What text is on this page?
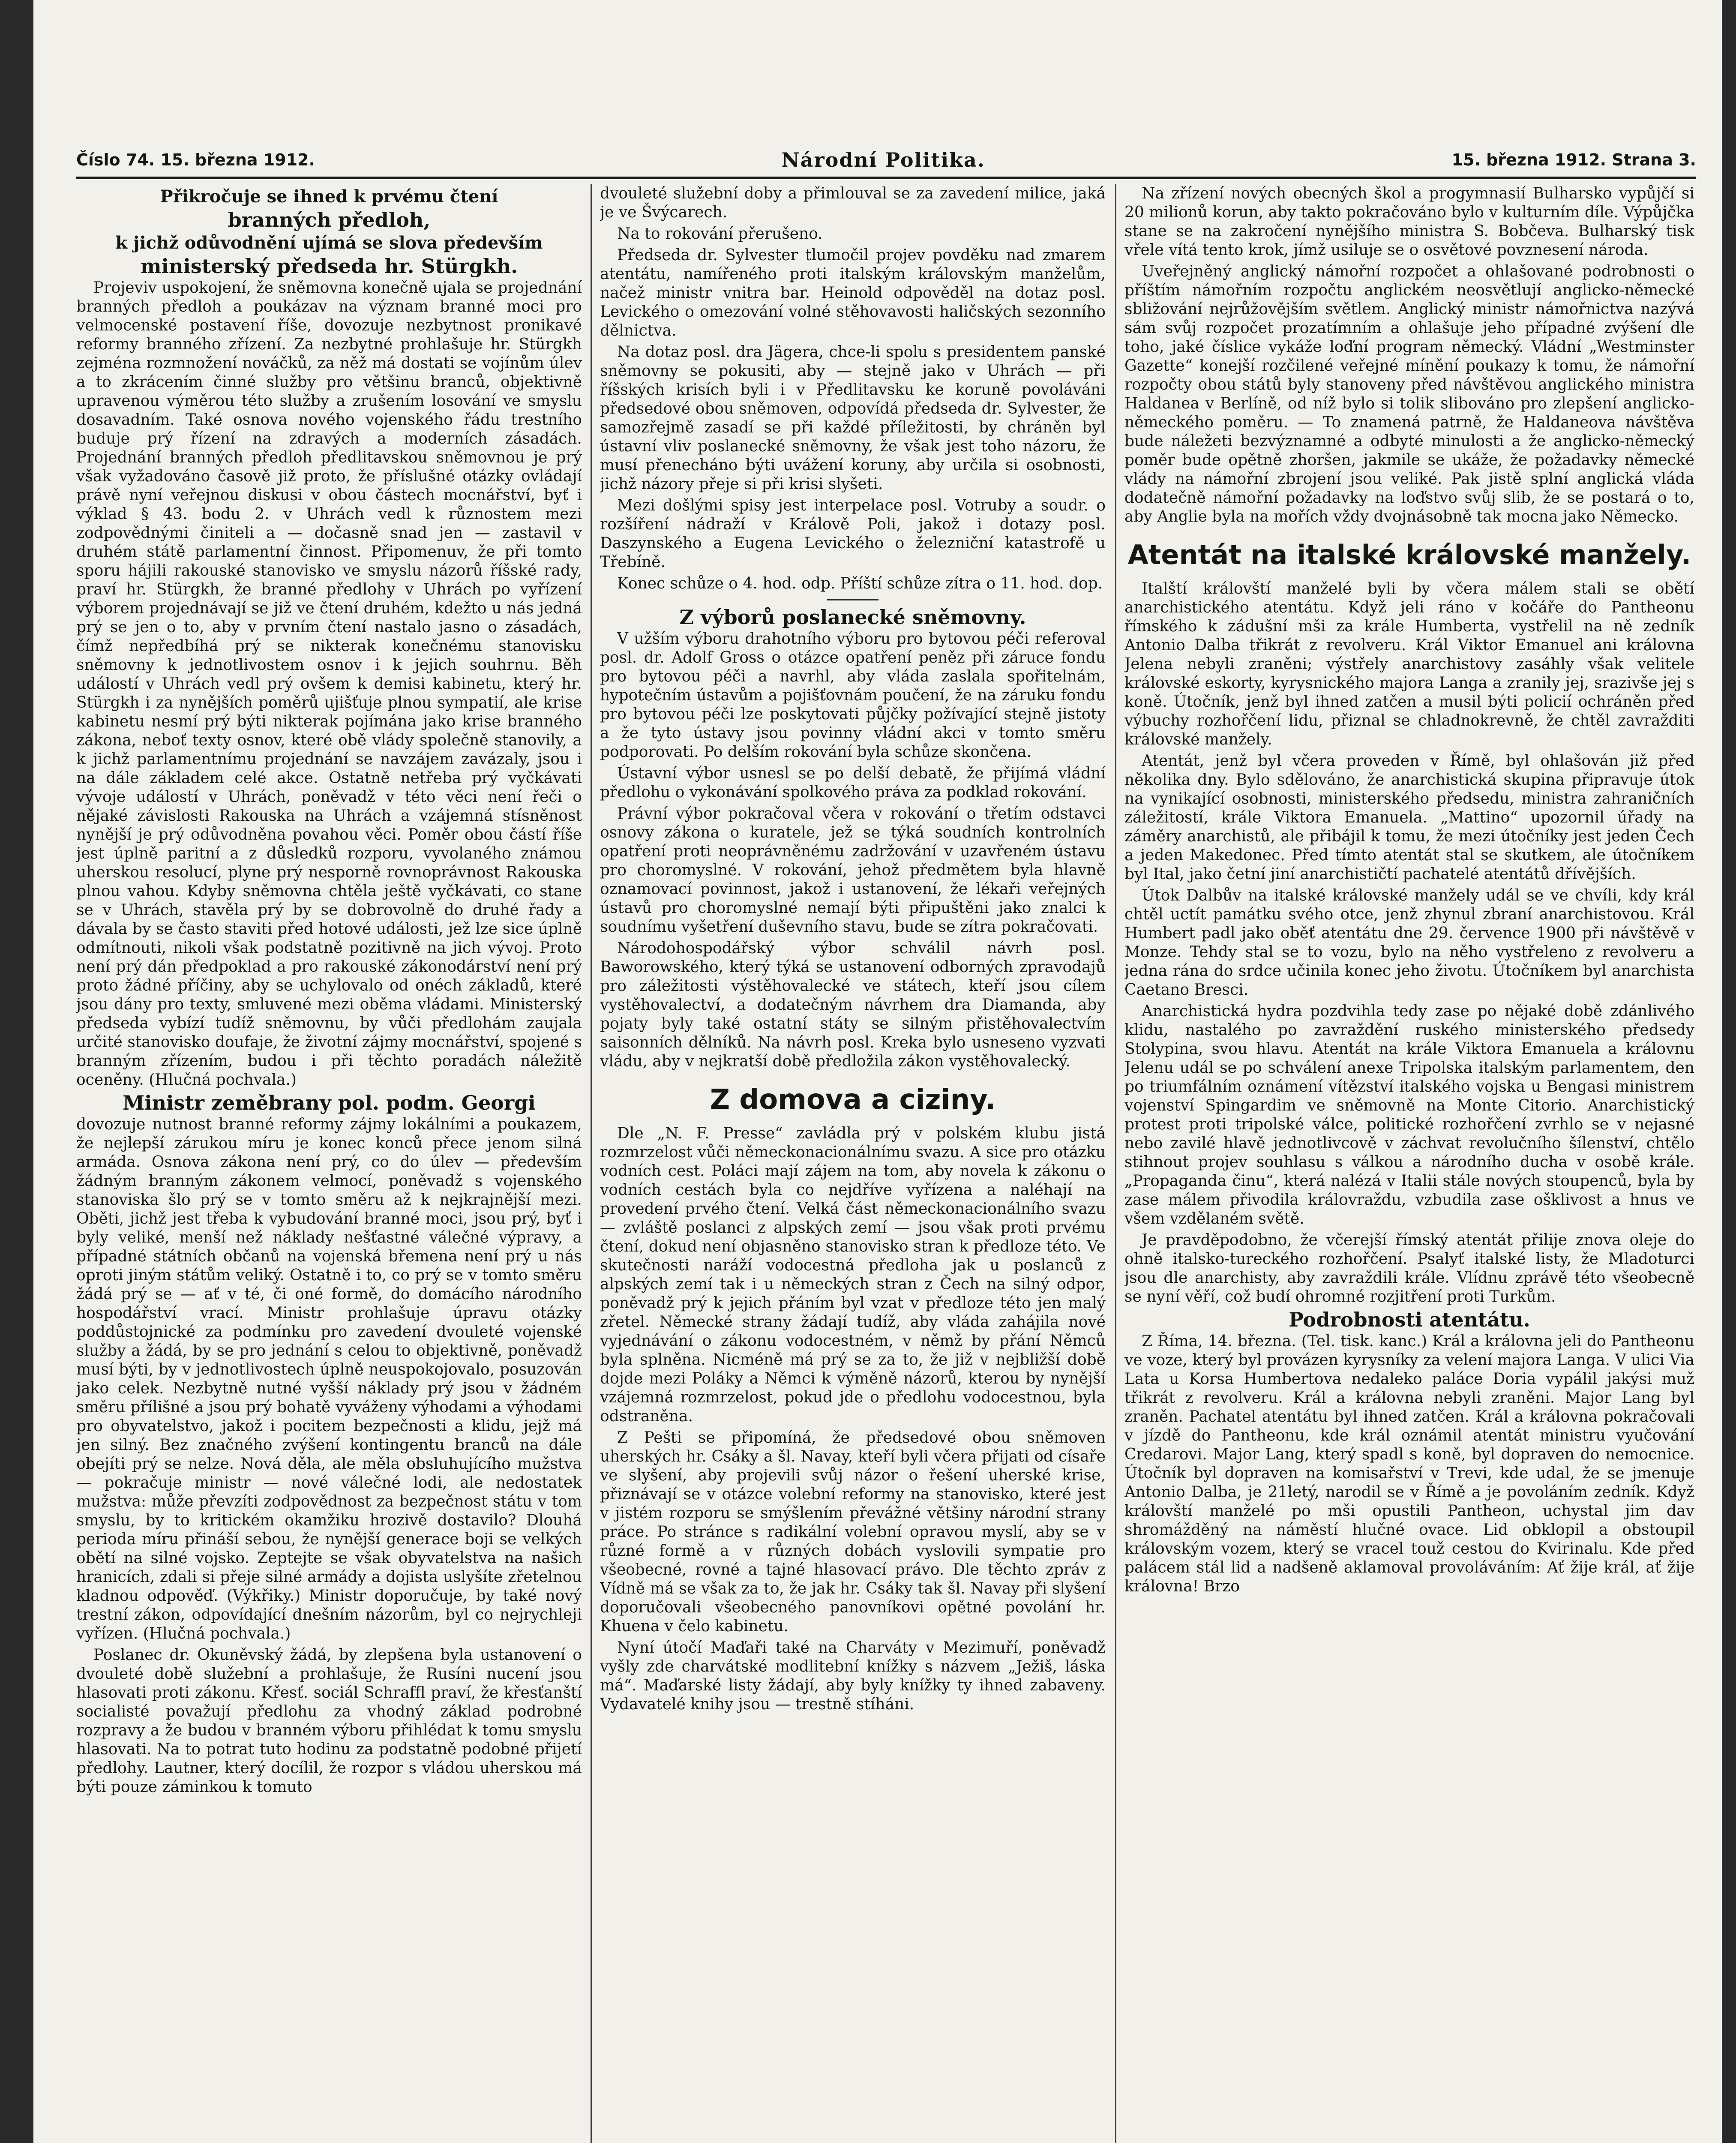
Číslo 74. 15. března 1912.	Národní Politika.	15. března 1912. Strana 3.
Přikročuje se ihned k prvému čtení
branných předloh,
k jichž odůvodnění ujímá se slova především
ministerský předseda hr. Stürgkh.

Projeviv uspokojení, že sněmovna konečně ujala se projednání branných předloh a poukázav na význam branné moci pro velmocenské postavení říše, dovozuje nezbytnost pronikavé reformy branného zřízení. Za nezbytné prohlašuje hr. Stürgkh zejména rozmnožení nováčků, za něž má dostati se vojínům úlev a to zkrácením činné služby pro většinu branců, objektivně upravenou výměrou této služby a zrušením losování ve smyslu dosavadním. Také osnova nového vojenského řádu trestního buduje prý řízení na zdravých a moderních zásadách. Projednání branných předloh předlitavskou sněmovnou je prý však vyžadováno časově již proto, že příslušné otázky ovládají právě nyní veřejnou diskusi v obou částech mocnářství, byť i výklad § 43. bodu 2. v Uhrách vedl k různostem mezi zodpovědnými činiteli a — dočasně snad jen — zastavil v druhém státě parlamentní činnost. Připomenuv, že při tomto sporu hájili rakouské stanovisko ve smyslu názorů říšské rady, praví hr. Stürgkh, že branné předlohy v Uhrách po vyřízení výborem projednávají se již ve čtení druhém, kdežto u nás jedná prý se jen o to, aby v prvním čtení nastalo jasno o zásadách, čímž nepředbíhá prý se nikterak konečnému stanovisku sněmovny k jednotlivostem osnov i k jejich souhrnu. Běh událostí v Uhrách vedl prý ovšem k demisi kabinetu, který hr. Stürgkh i za nynějších poměrů ujišťuje plnou sympatií, ale krise kabinetu nesmí prý býti nikterak pojímána jako krise branného zákona, neboť texty osnov, které obě vlády společně stanovily, a k jichž parlamentnímu projednání se navzájem zavázaly, jsou i na dále základem celé akce. Ostatně netřeba prý vyčkávati vývoje událostí v Uhrách, poněvadž v této věci není řeči o nějaké závislosti Rakouska na Uhrách a vzájemná stísněnost nynější je prý odůvodněna povahou věci. Poměr obou částí říše jest úplně paritní a z důsledků rozporu, vyvolaného známou uherskou resolucí, plyne prý nesporně rovnoprávnost Rakouska plnou vahou. Kdyby sněmovna chtěla ještě vyčkávati, co stane se v Uhrách, stavěla prý by se dobrovolně do druhé řady a dávala by se často staviti před hotové události, jež lze sice úplně odmítnouti, nikoli však podstatně pozitivně na jich vývoj. Proto není prý dán předpoklad a pro rakouské zákonodárství není prý proto žádné příčiny, aby se uchylovalo od onéch základů, které jsou dány pro texty, smluvené mezi oběma vládami. Ministerský předseda vybízí tudíž sněmovnu, by vůči předlohám zaujala určité stanovisko doufaje, že životní zájmy mocnářství, spojené s branným zřízením, budou i při těchto poradách náležitě oceněny. (Hlučná pochvala.)

Ministr zeměbrany pol. podm. Georgi

dovozuje nutnost branné reformy zájmy lokálními a poukazem, že nejlepší zárukou míru je konec konců přece jenom silná armáda. Osnova zákona není prý, co do úlev — především žádným branným zákonem velmocí, poněvadž s vojenského stanoviska šlo prý se v tomto směru až k nejkrajnější mezi. Oběti, jichž jest třeba k vybudování branné moci, jsou prý, byť i byly veliké, menší než náklady nešťastné válečné výpravy, a případné státních občanů na vojenská břemena není prý u nás oproti jiným státům veliký. Ostatně i to, co prý se v tomto směru žádá prý se — ať v té, či oné formě, do domácího národního hospodářství vrací. Ministr prohlašuje úpravu otázky poddůstojnické za podmínku pro zavedení dvouleté vojenské služby a žádá, by se pro jednání s celou to objektivně, poněvadž musí býti, by v jednotlivostech úplně neuspokojovalo, posuzován jako celek. Nezbytně nutné vyšší náklady prý jsou v žádném směru přílišné a jsou prý bohatě vyváženy výhodami a výhodami pro obyvatelstvo, jakož i pocitem bezpečnosti a klidu, jejž má jen silný. Bez značného zvýšení kontingentu branců na dále obejíti prý se nelze. Nová děla, ale měla obsluhujícího mužstva — pokračuje ministr — nové válečné lodi, ale nedostatek mužstva: může převzíti zodpovědnost za bezpečnost státu v tom smyslu, by to kritickém okamžiku hrozivě dostavilo? Dlouhá perioda míru přináší sebou, že nynější generace boji se velkých obětí na silné vojsko. Zeptejte se však obyvatelstva na našich hranicích, zdali si přeje silné armády a dojista uslyšíte zřetelnou kladnou odpověď. (Výkřiky.) Ministr doporučuje, by také nový trestní zákon, odpovídající dnešním názorům, byl co nejrychleji vyřízen. (Hlučná pochvala.)

Poslanec dr. Okuněvský žádá, by zlepšena byla ustanovení o dvouleté době služební a prohlašuje, že Rusíni nucení jsou hlasovati proti zákonu. Křesť. sociál Schraffl praví, že křesťanští socialisté považují předlohu za vhodný základ podrobné rozpravy a že budou v branném výboru přihlédat k tomu smyslu hlasovati. Na to potrat tuto hodinu za podstatně podobné přijetí předlohy. Lautner, který docílil, že rozpor s vládou uherskou má býti pouze záminkou k tomuto

dvouleté služební doby a přimlouval se za zavedení milice, jaká je ve Švýcarech.

Na to rokování přerušeno.

Předseda dr. Sylvester tlumočil projev povděku nad zmarem atentátu, namířeného proti italským královským manželům, načež ministr vnitra bar. Heinold odpověděl na dotaz posl. Levického o omezování volné stěhovavosti haličských sezonního dělnictva.

Na dotaz posl. dra Jägera, chce-li spolu s presidentem panské sněmovny se pokusiti, aby — stejně jako v Uhrách — při říšských krisích byli i v Předlitavsku ke koruně povoláváni předsedové obou sněmoven, odpovídá předseda dr. Sylvester, že samozřejmě zasadí se při každé příležitosti, by chráněn byl ústavní vliv poslanecké sněmovny, že však jest toho názoru, že musí přenecháno býti uvážení koruny, aby určila si osobnosti, jichž názory přeje si při krisi slyšeti.

Mezi došlými spisy jest interpelace posl. Votruby a soudr. o rozšíření nádraží v Králově Poli, jakož i dotazy posl. Daszynského a Eugena Levického o železniční katastrofě u Třebíně.

Konec schůze o 4. hod. odp. Příští schůze zítra o 11. hod. dop.

Z výborů poslanecké sněmovny.

V užším výboru drahotního výboru pro bytovou péči referoval posl. dr. Adolf Gross o otázce opatření peněz při záruce fondu pro bytovou péči a navrhl, aby vláda zaslala spořitelnám, hypotečním ústavům a pojišťovnám poučení, že na záruku fondu pro bytovou péči lze poskytovati půjčky požívající stejně jistoty a že tyto ústavy jsou povinny vládní akci v tomto směru podporovati. Po delším rokování byla schůze skončena.

Ústavní výbor usnesl se po delší debatě, že přijímá vládní předlohu o vykonávání spolkového práva za podklad rokování.

Právní výbor pokračoval včera v rokování o třetím odstavci osnovy zákona o kuratele, jež se týká soudních kontrolních opatření proti neoprávněnému zadržování v uzavřeném ústavu pro choromyslné. V rokování, jehož předmětem byla hlavně oznamovací povinnost, jakož i ustanovení, že lékaři veřejných ústavů pro choromyslné nemají býti připuštěni jako znalci k soudnímu vyšetření duševního stavu, bude se zítra pokračovati.

Národohospodářský výbor schválil návrh posl. Baworowského, který týká se ustanovení odborných zpravodajů pro záležitosti výstěhovalecké ve státech, kteří jsou cílem vystěhovalectví, a dodatečným návrhem dra Diamanda, aby pojaty byly také ostatní státy se silným přistěhovalectvím saisonních dělníků. Na návrh posl. Kreka bylo usneseno vyzvati vládu, aby v nejkratší době předložila zákon vystěhovalecký.

Z domova a ciziny.

Dle „N. F. Presse“ zavládla prý v polském klubu jistá rozmrzelost vůči německonacionálnímu svazu. A sice pro otázku vodních cest. Poláci mají zájem na tom, aby novela k zákonu o vodních cestách byla co nejdříve vyřízena a naléhají na provedení prvého čtení. Velká část německonacionálního svazu — zvláště poslanci z alpských zemí — jsou však proti prvému čtení, dokud není objasněno stanovisko stran k předloze této. Ve skutečnosti naráží vodocestná předloha jak u poslanců z alpských zemí tak i u německých stran z Čech na silný odpor, poněvadž prý k jejich přáním byl vzat v předloze této jen malý zřetel. Německé strany žádají tudíž, aby vláda zahájila nové vyjednávání o zákonu vodocestném, v němž by přání Němců byla splněna. Nicméně má prý se za to, že již v nejbližší době dojde mezi Poláky a Němci k výměně názorů, kterou by nynější vzájemná rozmrzelost, pokud jde o předlohu vodocestnou, byla odstraněna.

Z Pešti se připomíná, že předsedové obou sněmoven uherských hr. Csáky a šl. Navay, kteří byli včera přijati od císaře ve slyšení, aby projevili svůj názor o řešení uherské krise, přiznávají se v otázce volební reformy na stanovisko, které jest v jistém rozporu se smýšlením převážné většiny národní strany práce. Po stránce s radikální volební opravou myslí, aby se v různé formě a v různých dobách vyslovili sympatie pro všeobecné, rovné a tajné hlasovací právo. Dle těchto zpráv z Vídně má se však za to, že jak hr. Csáky tak šl. Navay při slyšení doporučovali všeobecného panovníkovi opětné povolání hr. Khuena v čelo kabinetu.

Nyní útočí Maďaři také na Charváty v Mezimuří, poněvadž vyšly zde charvátské modlitební knížky s názvem „Ježiš, láska má“. Maďarské listy žádají, aby byly knížky ty ihned zabaveny. Vydavatelé knihy jsou — trestně stíháni.

Na zřízení nových obecných škol a progymnasií Bulharsko vypůjčí si 20 milionů korun, aby takto pokračováno bylo v kulturním díle. Výpůjčka stane se na zakročení nynějšího ministra S. Bobčeva. Bulharský tisk vřele vítá tento krok, jímž usiluje se o osvětové povznesení národa.

Uveřejněný anglický námořní rozpočet a ohlašované podrobnosti o příštím námořním rozpočtu anglickém neosvětlují anglicko-německé sbližování nejrůžovějším světlem. Anglický ministr námořnictva nazývá sám svůj rozpočet prozatímním a ohlašuje jeho případné zvýšení dle toho, jaké číslice vykáže loďní program německý. Vládní „Westminster Gazette“ konejší rozčilené veřejné mínění poukazy k tomu, že námořní rozpočty obou států byly stanoveny před návštěvou anglického ministra Haldanea v Berlíně, od níž bylo si tolik slibováno pro zlepšení anglicko-německého poměru. — To znamená patrně, že Haldaneova návštěva bude náležeti bezvýznamné a odbyté minulosti a že anglicko-německý poměr bude opětně zhoršen, jakmile se ukáže, že požadavky německé vlády na námořní zbrojení jsou veliké. Pak jistě splní anglická vláda dodatečně námořní požadavky na loďstvo svůj slib, že se postará o to, aby Anglie byla na mořích vždy dvojnásobně tak mocna jako Německo.

Atentát na italské královské manžely.

Italští královští manželé byli by včera málem stali se obětí anarchistického atentátu. Když jeli ráno v kočáře do Pantheonu římského k zádušní mši za krále Humberta, vystřelil na ně zedník Antonio Dalba třikrát z revolveru. Král Viktor Emanuel ani královna Jelena nebyli zraněni; výstřely anarchistovy zasáhly však velitele královské eskorty, kyrysnického majora Langa a zranily jej, srazivše jej s koně. Útočník, jenž byl ihned zatčen a musil býti policií ochráněn před výbuchy rozhořčení lidu, přiznal se chladnokrevně, že chtěl zavražditi královské manžely.

Atentát, jenž byl včera proveden v Římě, byl ohlašován již před několika dny. Bylo sdělováno, že anarchistická skupina připravuje útok na vynikající osobnosti, ministerského předsedu, ministra zahraničních záležitostí, krále Viktora Emanuela. „Mattino“ upozornil úřady na záměry anarchistů, ale přibájil k tomu, že mezi útočníky jest jeden Čech a jeden Makedonec. Před tímto atentát stal se skutkem, ale útočníkem byl Ital, jako četní jiní anarchističtí pachatelé atentátů dřívějších.

Útok Dalbův na italské královské manžely udál se ve chvíli, kdy král chtěl uctít památku svého otce, jenž zhynul zbraní anarchistovou. Král Humbert padl jako oběť atentátu dne 29. července 1900 při návštěvě v Monze. Tehdy stal se to vozu, bylo na něho vystřeleno z revolveru a jedna rána do srdce učinila konec jeho životu. Útočníkem byl anarchista Caetano Bresci.

Anarchistická hydra pozdvihla tedy zase po nějaké době zdánlivého klidu, nastalého po zavraždění ruského ministerského předsedy Stolypina, svou hlavu. Atentát na krále Viktora Emanuela a královnu Jelenu udál se po schválení anexe Tripolska italským parlamentem, den po triumfálním oznámení vítězství italského vojska u Bengasi ministrem vojenství Spingardim ve sněmovně na Monte Citorio. Anarchistický protest proti tripolské válce, politické rozhořčení zvrhlo se v nejasné nebo zavilé hlavě jednotlivcově v záchvat revolučního šílenství, chtělo stihnout projev souhlasu s válkou a národního ducha v osobě krále. „Propaganda činu“, která nalézá v Italii stále nových stoupenců, byla by zase málem přivodila královraždu, vzbudila zase ošklivost a hnus ve všem vzdělaném světě.

Je pravděpodobno, že včerejší římský atentát přilije znova oleje do ohně italsko-tureckého rozhořčení. Psalyť italské listy, že Mladoturci jsou dle anarchisty, aby zavraždili krále. Vlídnu zprávě této všeobecně se nyní věří, což budí ohromné rozjitření proti Turkům.

Podrobnosti atentátu.

Z Říma, 14. března. (Tel. tisk. kanc.) Král a královna jeli do Pantheonu ve voze, který byl provázen kyrysníky za velení majora Langa. V ulici Via Lata u Korsa Humbertova nedaleko paláce Doria vypálil jakýsi muž třikrát z revolveru. Král a královna nebyli zraněni. Major Lang byl zraněn. Pachatel atentátu byl ihned zatčen. Král a královna pokračovali v jízdě do Pantheonu, kde král oznámil atentát ministru vyučování Credarovi. Major Lang, který spadl s koně, byl dopraven do nemocnice. Útočník byl dopraven na komisařství v Trevi, kde udal, že se jmenuje Antonio Dalba, je 21letý, narodil se v Římě a je povoláním zedník. Když královští manželé po mši opustili Pantheon, uchystal jim dav shromážděný na náměstí hlučné ovace. Lid obklopil a obstoupil královským vozem, který se vracel touž cestou do Kvirinalu. Kde před palácem stál lid a nadšeně aklamoval provoláváním: Ať žije král, ať žije královna! Brzo
